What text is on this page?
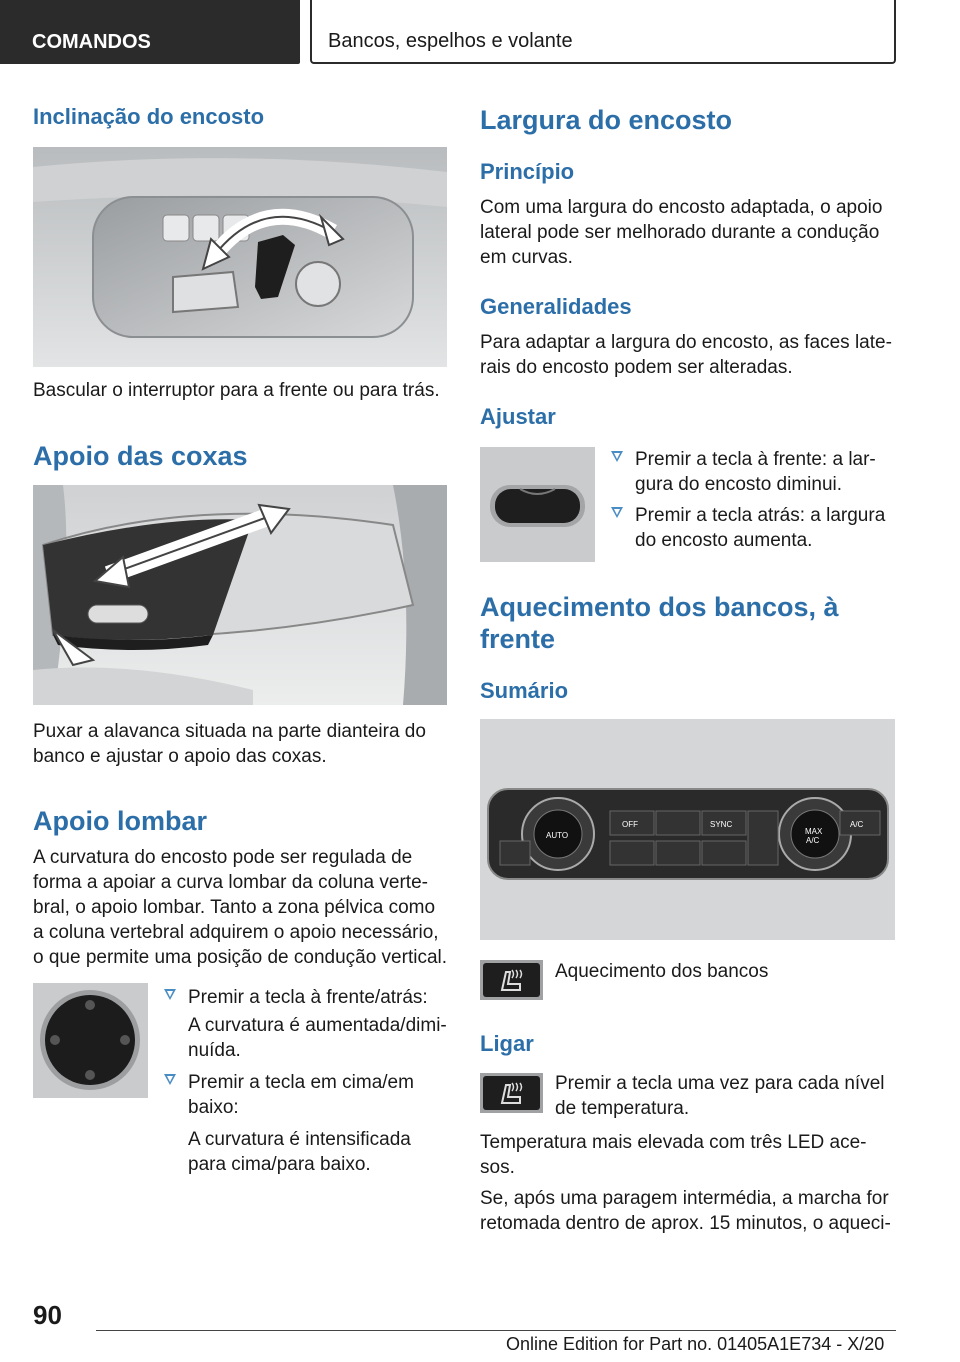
COMANDOS	Bancos, espelhos e volante
Inclinação do encosto
Bascular o interruptor para a frente ou para trás.
Apoio das coxas
Puxar a alavanca situada na parte dianteira do
banco e ajustar o apoio das coxas.
Apoio lombar
A curvatura do encosto pode ser regulada de
forma a apoiar a curva lombar da coluna verte-
bral, o apoio lombar. Tanto a zona pélvica como
a coluna vertebral adquirem o apoio necessário,
o que permite uma posição de condução vertical.
Premir a tecla à frente/atrás:
A curvatura é aumentada/dimi-
nuída.
Premir a tecla em cima/em
baixo:
A curvatura é intensificada
para cima/para baixo.
Largura do encosto
Princípio
Com uma largura do encosto adaptada, o apoio
lateral pode ser melhorado durante a condução
em curvas.
Generalidades
Para adaptar a largura do encosto, as faces late-
rais do encosto podem ser alteradas.
Ajustar
Premir a tecla à frente: a lar-
gura do encosto diminui.
Premir a tecla atrás: a largura
do encosto aumenta.
Aquecimento dos bancos, à
frente
Sumário
AUTO
OFF	SYNC
MAX
A/C
A/C
Aquecimento dos bancos
Ligar
Premir a tecla uma vez para cada nível
de temperatura.
Temperatura mais elevada com três LED ace-
sos.
Se, após uma paragem intermédia, a marcha for
retomada dentro de aprox. 15 minutos, o aqueci-
90
Online Edition for Part no. 01405A1E734 - X/20
